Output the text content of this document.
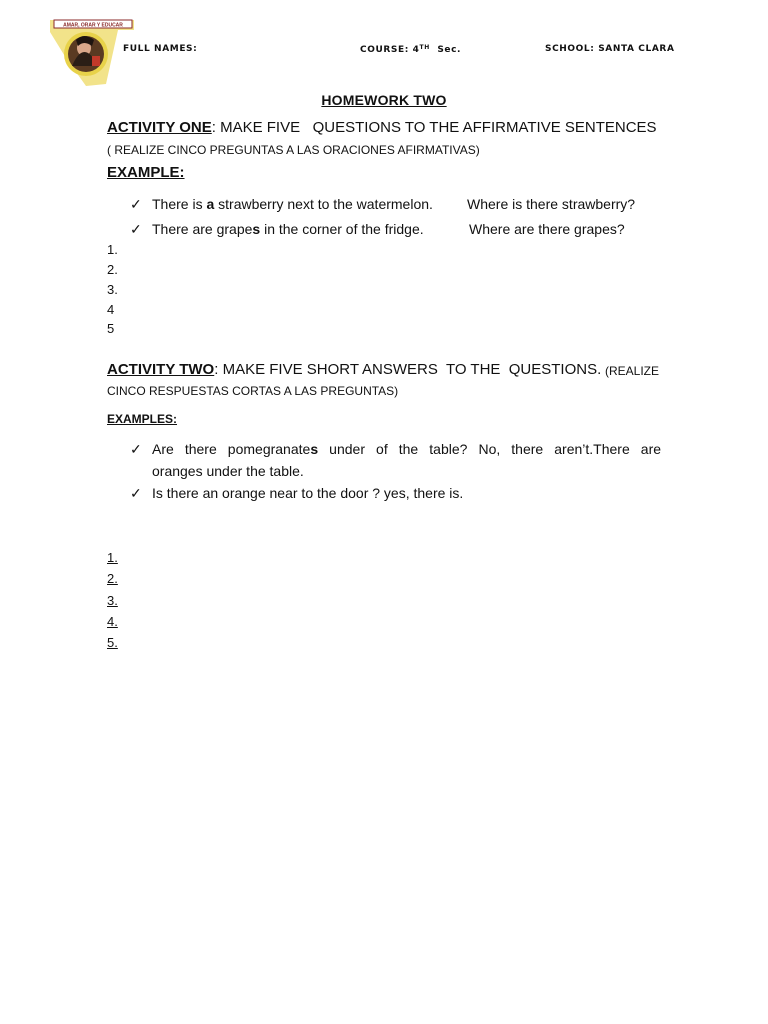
AMAR, ORAR Y EDUCAR
FULL NAMES:	COURSE: 4TH Sec.	SCHOOL: SANTA CLARA
HOMEWORK TWO
ACTIVITY ONE: MAKE FIVE   QUESTIONS TO THE AFFIRMATIVE SENTENCES
( REALIZE CINCO PREGUNTAS A LAS ORACIONES AFIRMATIVAS)
EXAMPLE:
✓ There is a strawberry next to the watermelon. Where is there strawberry?
✓ There are grapes in the corner of the fridge.	Where are there grapes?
1.
2.
3.
4
5
ACTIVITY TWO: MAKE FIVE SHORT ANSWERS  TO THE  QUESTIONS. (REALIZE
CINCO RESPUESTAS CORTAS A LAS PREGUNTAS)
EXAMPLES:
✓ Are there pomegranates under of the table? No, there aren’t.There are
oranges under the table.
✓ Is there an orange near to the door ? yes, there is.
1.
2.
3.
4.
5.
